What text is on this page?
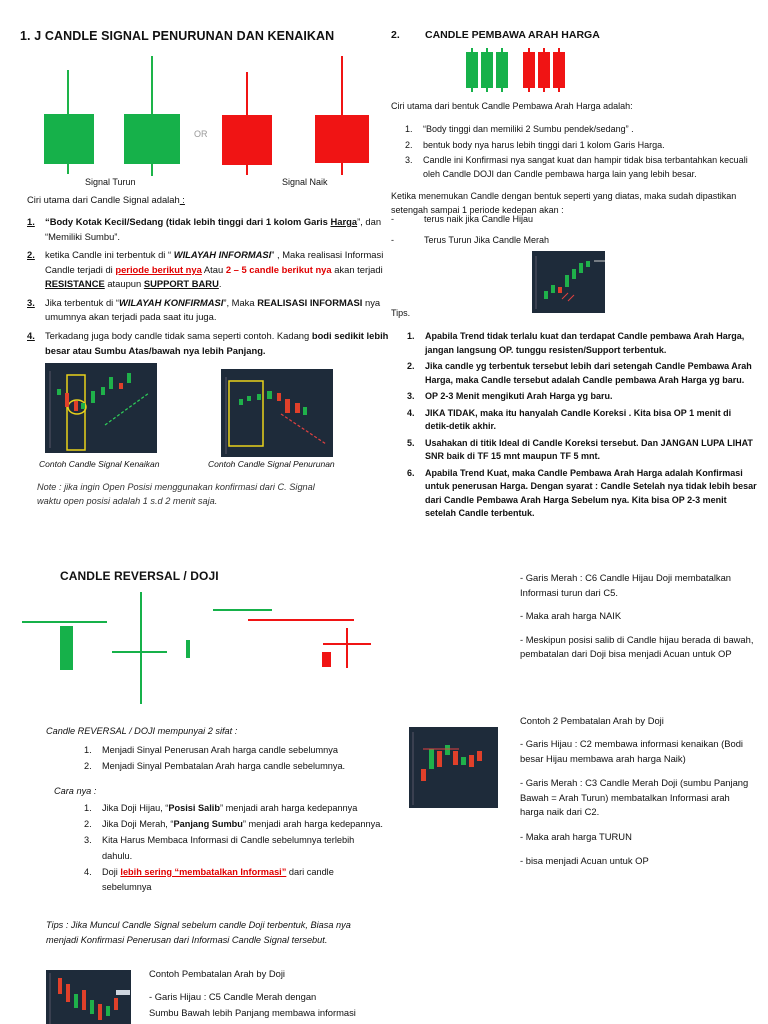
1. J CANDLE SIGNAL PENURUNAN DAN KENAIKAN
OR
Signal Turun	Signal Naik
Ciri utama dari Candle Signal adalah :
1.	“Body Kotak Kecil/Sedang (tidak lebih tinggi dari 1 kolom Garis Harga”, dan “Memiliki Sumbu”.
2.	ketika Candle ini terbentuk di “ WILAYAH INFORMASI” , Maka realisasi Informasi Candle terjadi di periode berikut nya Atau 2 – 5 candle berikut nya akan terjadi RESISTANCE ataupun SUPPORT BARU.
3.	Jika terbentuk di “WILAYAH KONFIRMASI”, Maka REALISASI INFORMASI nya umumnya akan terjadi pada saat itu juga.
4.	Terkadang juga body candle tidak sama seperti contoh. Kadang bodi sedikit lebih besar atau Sumbu Atas/bawah nya lebih Panjang.
Contoh Candle Signal Kenaikan	Contoh Candle Signal Penurunan
Note : jika ingin Open Posisi menggunakan konfirmasi dari C. Signal waktu open posisi adalah 1 s.d 2 menit saja.
2. CANDLE PEMBAWA ARAH HARGA
Ciri utama dari bentuk Candle Pembawa Arah Harga adalah:
1.	“Body tinggi dan memiliki 2 Sumbu pendek/sedang” .
2.	bentuk body nya harus lebih tinggi dari 1 kolom Garis Harga.
3.	Candle ini Konfirmasi nya sangat kuat dan hampir tidak bisa terbantahkan kecuali oleh Candle DOJI dan Candle pembawa harga lain yang lebih besar.
Ketika menemukan Candle dengan bentuk seperti yang diatas, maka sudah dipastikan setengah sampai 1 periode kedepan akan :
-	terus naik jika Candle Hijau
-	Terus Turun Jika Candle Merah
Tips.
1.	Apabila Trend tidak terlalu kuat dan terdapat Candle pembawa Arah Harga, jangan langsung OP. tunggu resisten/Support terbentuk.
2.	Jika candle yg terbentuk tersebut lebih dari setengah Candle Pembawa Arah Harga, maka Candle tersebut adalah Candle pembawa Arah Harga yg baru.
3.	OP 2-3 Menit mengikuti Arah Harga yg baru.
4.	JIKA TIDAK, maka itu hanyalah Candle Koreksi . Kita bisa OP 1 menit di detik-detik akhir.
5.	Usahakan di titik Ideal di Candle Koreksi tersebut. Dan JANGAN LUPA LIHAT SNR baik di TF 15 mnt maupun TF 5 mnt.
6.	Apabila Trend Kuat, maka Candle Pembawa Arah Harga adalah Konfirmasi untuk penerusan Harga. Dengan syarat : Candle Setelah nya tidak lebih besar dari Candle Pembawa Arah Harga Sebelum nya. Kita bisa OP 2-3 menit setelah Candle terbentuk.
CANDLE REVERSAL / DOJI
Candle REVERSAL / DOJI mempunyai 2 sifat :
1.	Menjadi Sinyal Penerusan Arah harga candle sebelumnya
2.	Menjadi Sinyal Pembatalan Arah harga candle sebelumnya.
Cara nya :
1.	Jika Doji Hijau, “Posisi Salib” menjadi arah harga kedepannya
2.	Jika Doji Merah, “Panjang Sumbu” menjadi arah harga kedepannya.
3.	Kita Harus Membaca Informasi di Candle sebelumnya terlebih dahulu.
4.	Doji lebih sering “membatalkan Informasi” dari candle sebelumnya
Tips : Jika Muncul Candle Signal sebelum candle Doji terbentuk, Biasa nya menjadi Konfirmasi Penerusan dari Informasi Candle Signal tersebut.
Contoh Pembatalan Arah by Doji
- Garis Hijau : C5 Candle Merah dengan
Sumbu Bawah lebih Panjang membawa informasi
- Garis Merah : C6 Candle Hijau Doji membatalkan Informasi turun dari C5.
- Maka arah harga NAIK
- Meskipun posisi salib di Candle hijau berada di bawah, pembatalan dari Doji bisa menjadi Acuan untuk OP
Contoh 2 Pembatalan Arah by Doji
- Garis Hijau : C2 membawa informasi kenaikan (Bodi besar Hijau membawa arah harga Naik)
- Garis Merah : C3 Candle Merah Doji (sumbu Panjang Bawah = Arah Turun) membatalkan Informasi arah harga naik dari C2.
- Maka arah harga TURUN
- bisa menjadi Acuan untuk OP
